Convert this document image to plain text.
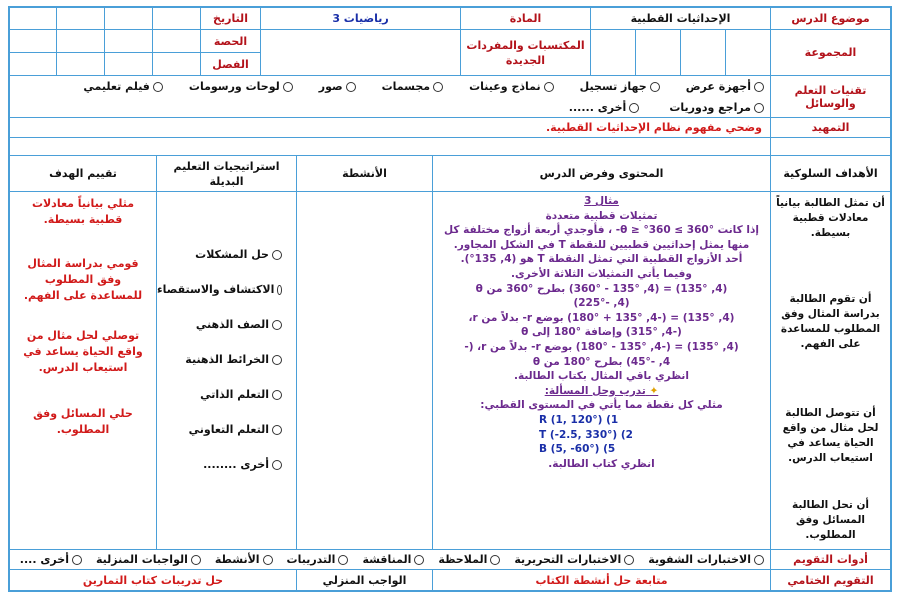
موضوع الدرس
الإحداثيات القطبية
المادة
رياضيات 3
التاريخ
المجموعة
المكتسبات والمفردات الجديدة
الحصة
الفصل
تقنيات التعلم والوسائل
أجهزة عرض
جهاز تسجيل
نماذج وعينات
مجسمات
صور
لوحات ورسومات
فيلم تعليمي
مراجع ودوريات
أخرى ......
التمهيد
وضحي مفهوم نظام الإحداثيات القطبية.
الأهداف السلوكية
المحتوى وفرض الدرس
الأنشطة
استراتيجيات التعليم البديلة
تقييم الهدف
أن تمثل الطالبة بيانياً معادلات قطبية بسيطة.
أن تقوم الطالبة بدراسة المثال وفق المطلوب للمساعدة على الفهم.
أن تتوصل الطالبة لحل مثال من واقع الحياة يساعد في استيعاب الدرس.
أن تحل الطالبة المسائل وفق المطلوب.

مثال 3

تمثيلات قطبية متعددة

إذا كانت °360 ≥ θ ≥ °360- ، فأوجدي أربعة أزواج مختلفة كل

منها يمثل إحداثيين قطبيين للنقطة T في الشكل المجاور.

أحد الأزواج القطبية التي تمثل النقطة T هو (4, 135°).

وفيما يأتي التمثيلات الثلاثة الأخرى.

(4, 135°) = (4, 135° - 360°) بطرح °360 من θ

(4, -225°)

(4, 135°) = (-4, 135° + 180°) بوضع r- بدلاً من r،

(-4, 315°) وإضافة °180 إلى θ

(4, 135°) = (-4, 135° - 180°) بوضع r- بدلاً من r، (-

4, -45°) بطرح °180 من θ

انظري باقي المثال بكتاب الطالبة.

✦ تدرب وحل المسألة:

مثلي كل نقطة مما يأتي في المستوى القطبي:

R (1, 120°) (1

T (-2.5, 330°) (2

B (5, -60°) (5

انظري كتاب الطالبة.

حل المشكلات
الاكتشاف والاستقصاء
الصف الذهني
الخرائط الذهنية
التعلم الذاتي
التعلم التعاوني
أخرى ........
مثلي بيانياً معادلات قطبية بسيطة.
قومي بدراسة المثال وفق المطلوب للمساعدة على الفهم.
توصلي لحل مثال من واقع الحياة يساعد في استيعاب الدرس.
حلي المسائل وفق المطلوب.
أدوات التقويم
الاختبارات الشفوية
الاختبارات التحريرية
الملاحظة
المناقشة
التدريبات
الأنشطة
الواجبات المنزلية
أخرى ....
التقويم الختامي
متابعة حل أنشطة الكتاب
الواجب المنزلي
حل تدريبات كتاب التمارين
